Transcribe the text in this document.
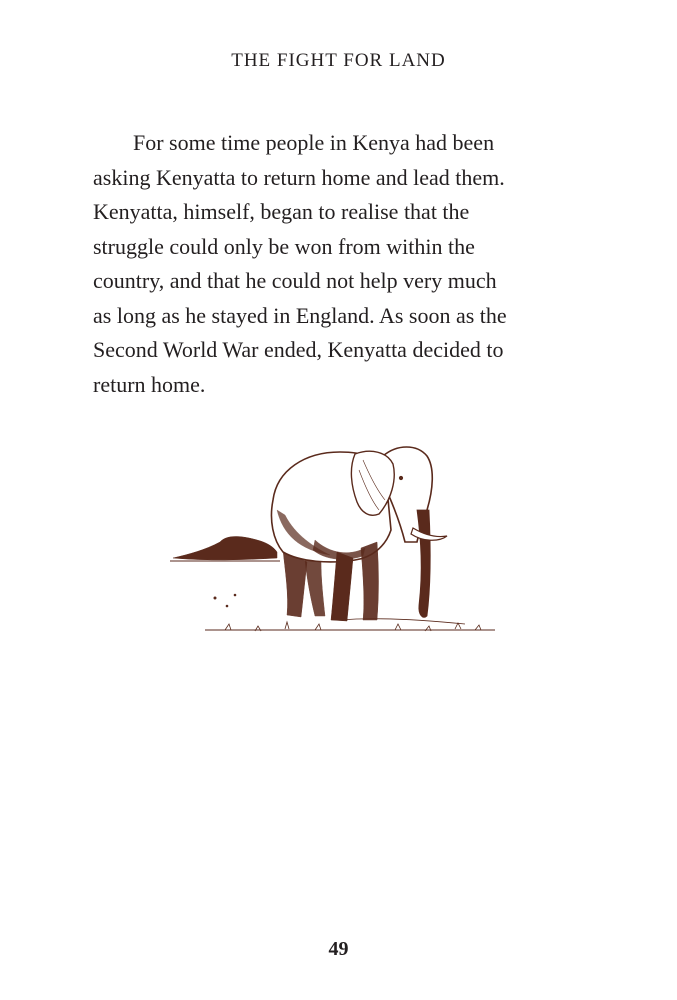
THE FIGHT FOR LAND

For some time people in Kenya had been
asking Kenyatta to return home and lead them.
Kenyatta, himself, began to realise that the
struggle could only be won from within the
country, and that he could not help very much
as long as he stayed in England. As soon as the
Second World War ended, Kenyatta decided to
return home.

49
